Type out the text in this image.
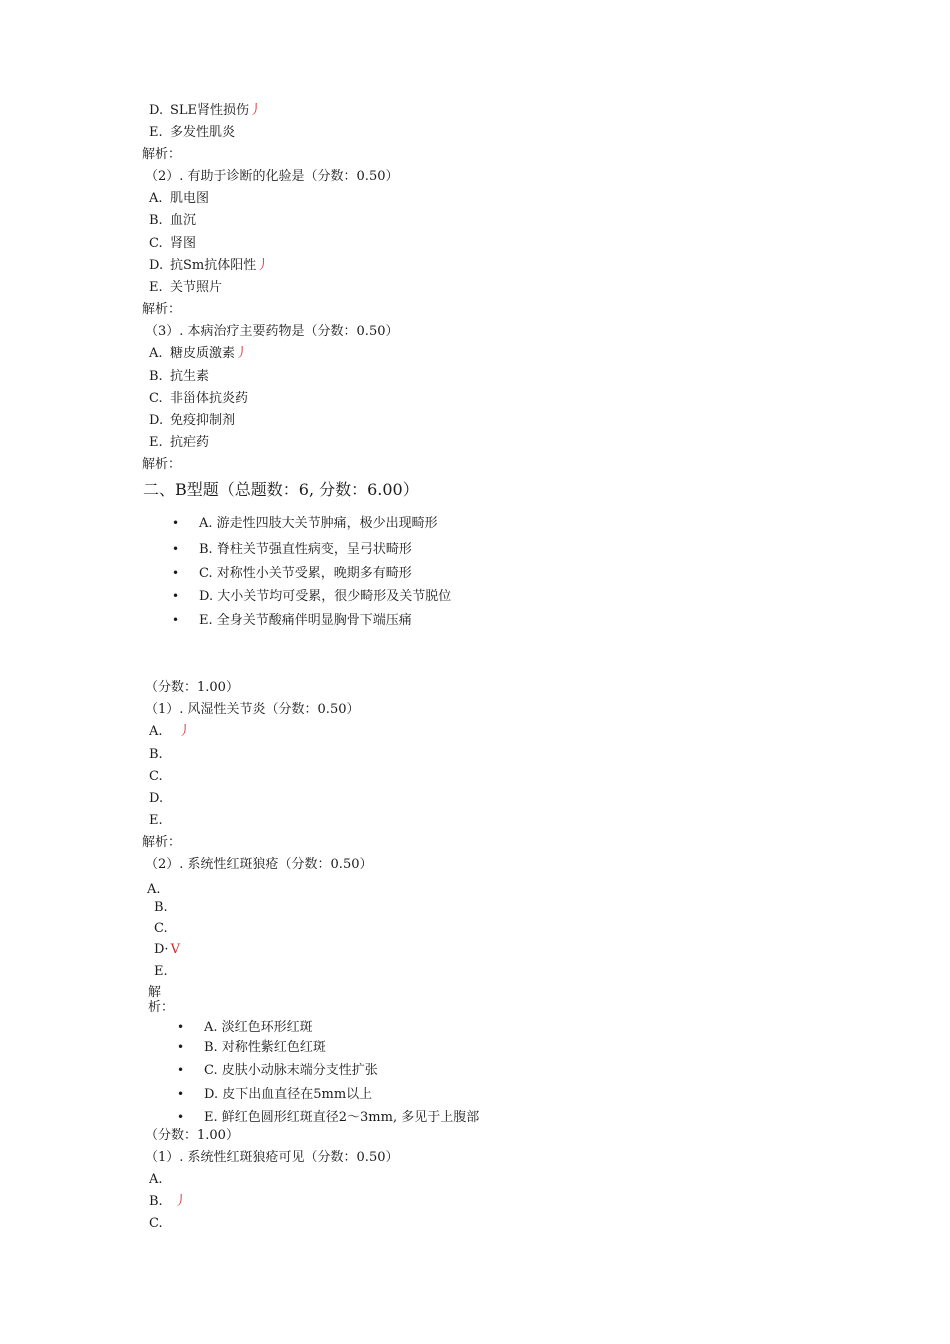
D. SLE肾性损伤丿
E. 多发性肌炎
解析：
（2）. 有助于诊断的化验是（分数：0.50）
A. 肌电图
B. 血沉
C. 肾图
D. 抗Sm抗体阳性丿
E. 关节照片
解析：
（3）. 本病治疗主要药物是（分数：0.50）
A. 糖皮质激素丿
B. 抗生素
C. 非甾体抗炎药
D. 免疫抑制剂
E. 抗疟药
解析：
二、B型题（总题数：6, 分数：6.00）
• A. 游走性四肢大关节肿痛，极少出现畸形
• B. 脊柱关节强直性病变，呈弓状畸形
• C. 对称性小关节受累，晚期多有畸形
• D. 大小关节均可受累，很少畸形及关节脱位
• E. 全身关节酸痛伴明显胸骨下端压痛
（分数：1.00）
（1）. 风湿性关节炎（分数：0.50）
A. 丿
B.
C.
D.
E.
解析：
（2）. 系统性红斑狼疮（分数：0.50）
A.
B.
C.
D· V
E.
解
析：
• A. 淡红色环形红斑
• B. 对称性紫红色红斑
• C. 皮肤小动脉末端分支性扩张
• D. 皮下出血直径在5mm以上
• E. 鲜红色圆形红斑直径2～3mm, 多见于上腹部
（分数：1.00）
（1）. 系统性红斑狼疮可见（分数：0.50）
A.
B. 丿
C.
